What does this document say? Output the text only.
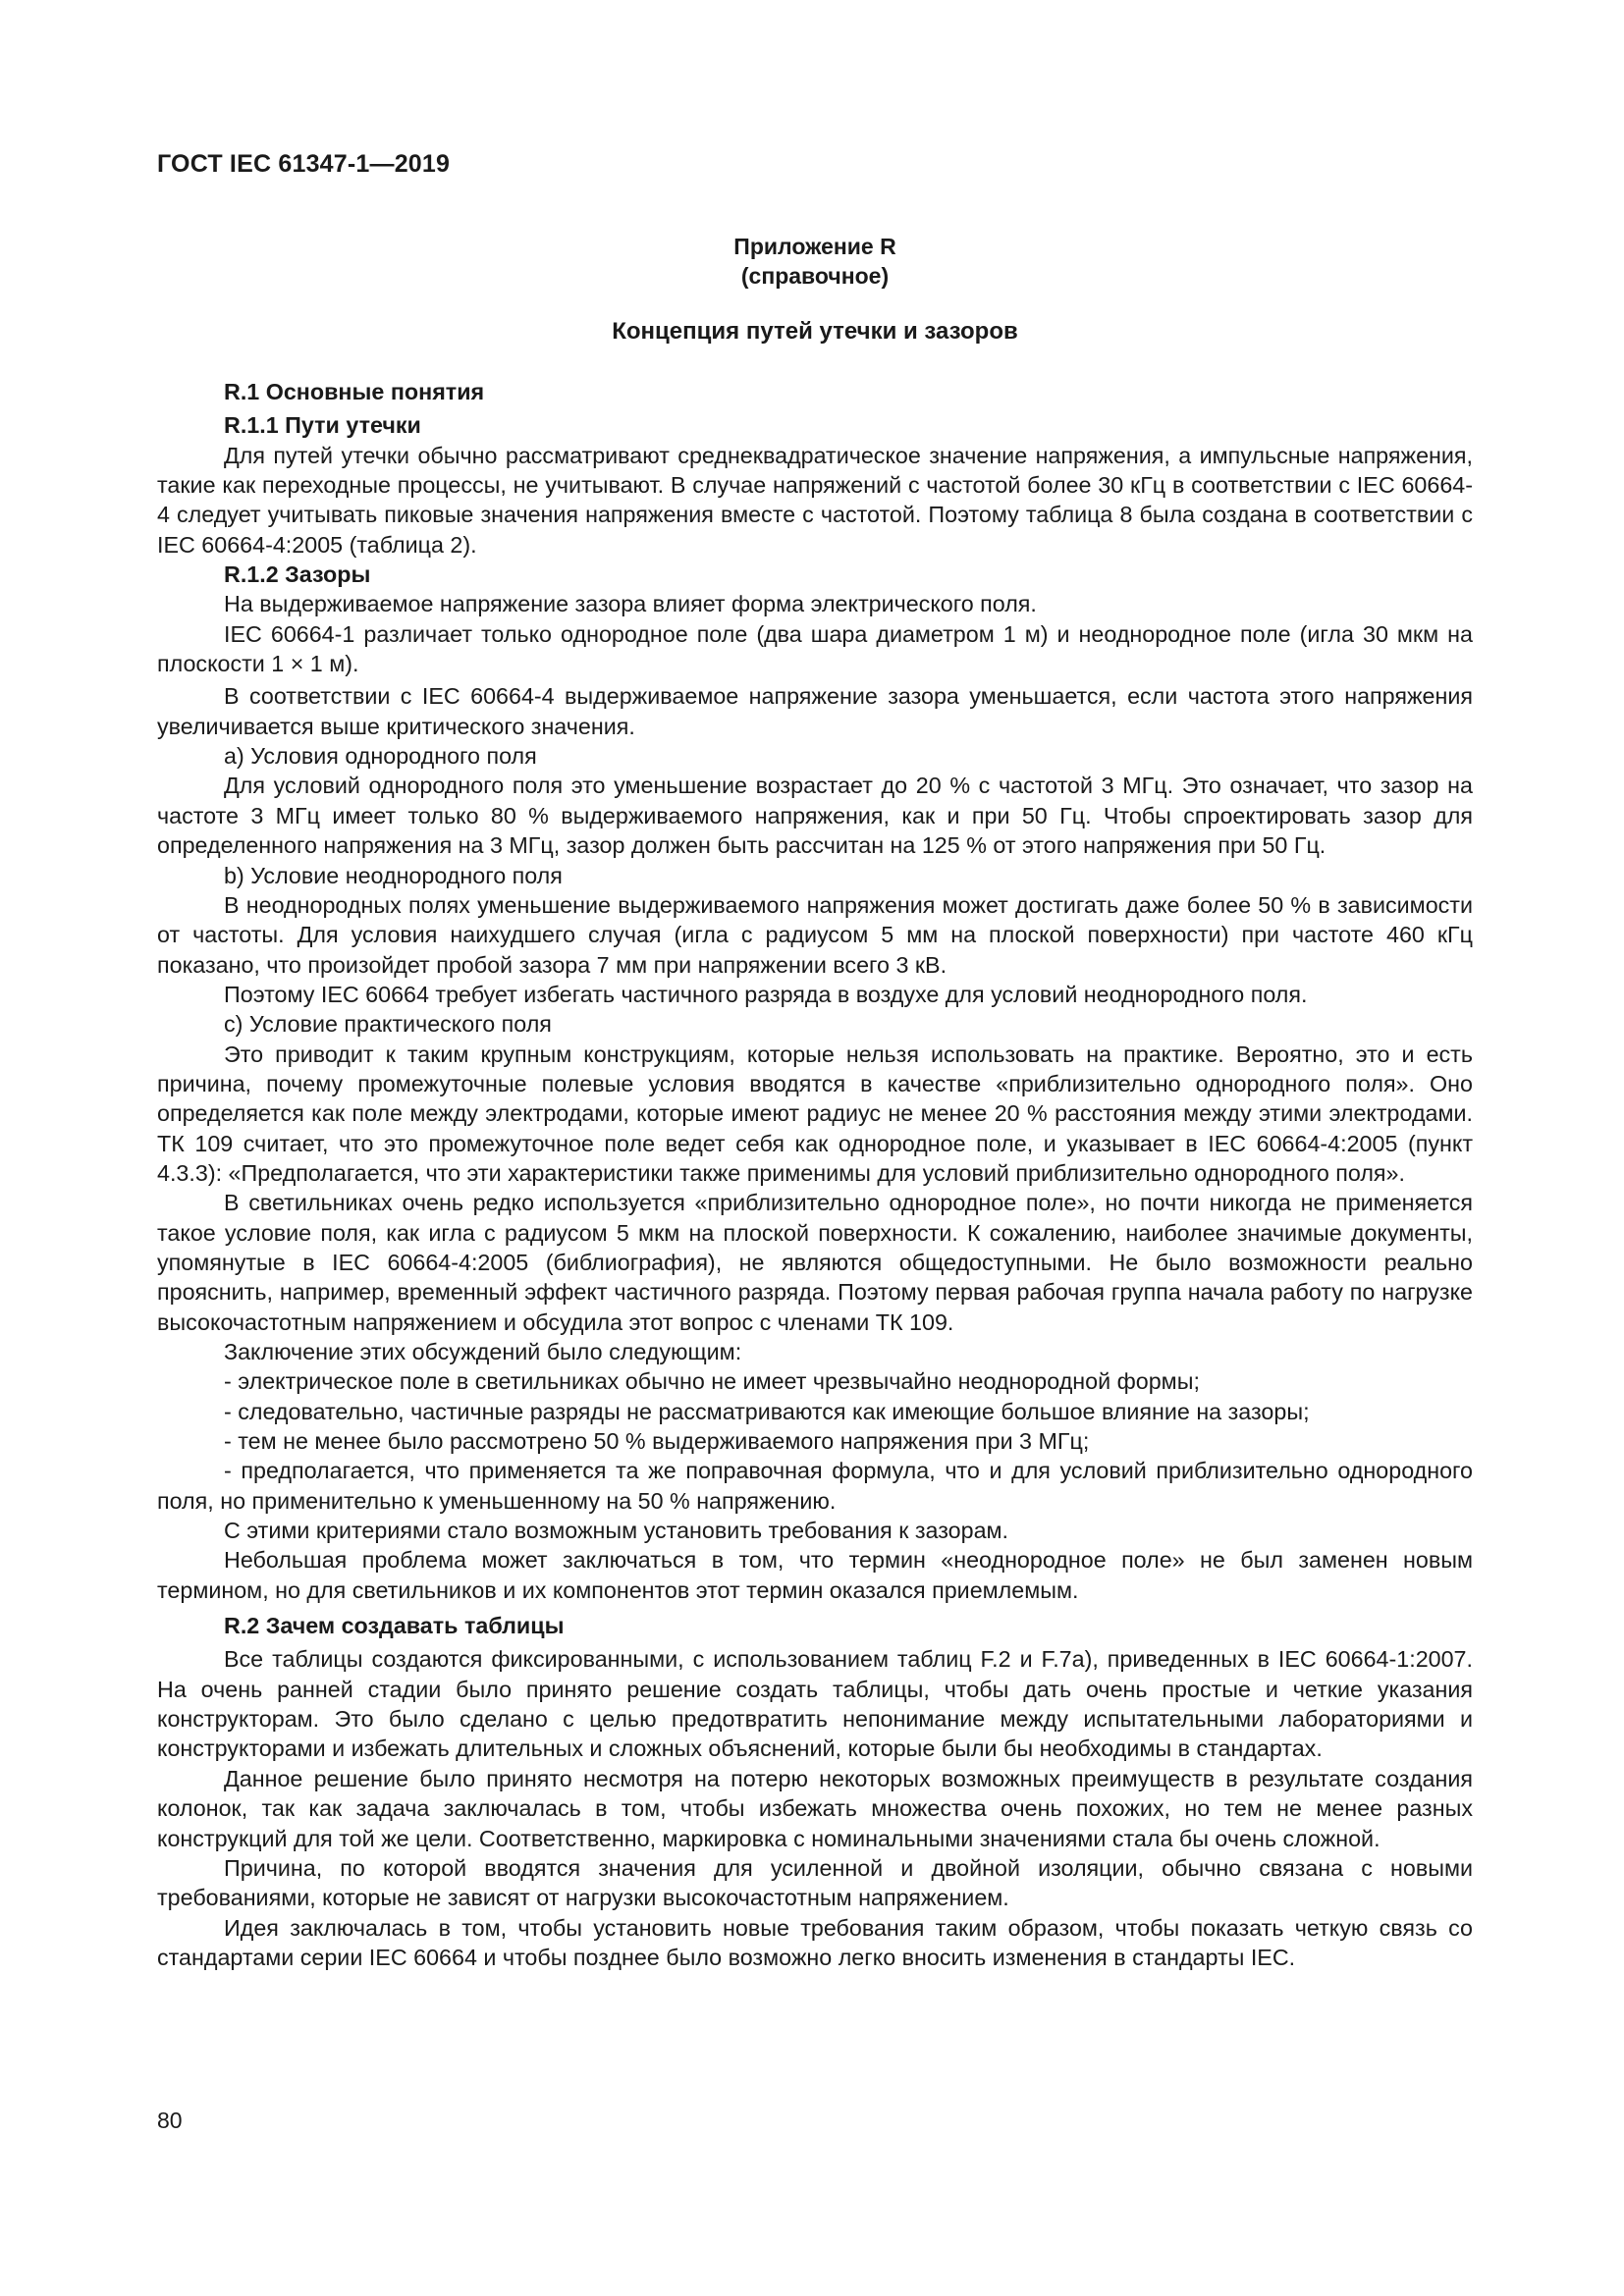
ГОСТ IEC 61347-1—2019
Приложение R
(справочное)
Концепция путей утечки и зазоров

R.1 Основные понятия

R.1.1 Пути утечки

Для путей утечки обычно рассматривают среднеквадратическое значение напряжения, а импульсные напряжения, такие как переходные процессы, не учитывают. В случае напряжений с частотой более 30 кГц в соответствии с IEC 60664-4 следует учитывать пиковые значения напряжения вместе с частотой. Поэтому таблица 8 была создана в соответствии с IEC 60664-4:2005 (таблица 2).

R.1.2 Зазоры

На выдерживаемое напряжение зазора влияет форма электрического поля.

IEC 60664-1 различает только однородное поле (два шара диаметром 1 м) и неоднородное поле (игла 30 мкм на плоскости 1 × 1 м).

В соответствии с IEC 60664-4 выдерживаемое напряжение зазора уменьшается, если частота этого напряжения увеличивается выше критического значения.

a) Условия однородного поля

Для условий однородного поля это уменьшение возрастает до 20 % с частотой 3 МГц. Это означает, что зазор на частоте 3 МГц имеет только 80 % выдерживаемого напряжения, как и при 50 Гц. Чтобы спроектировать зазор для определенного напряжения на 3 МГц, зазор должен быть рассчитан на 125 % от этого напряжения при 50 Гц.

b) Условие неоднородного поля

В неоднородных полях уменьшение выдерживаемого напряжения может достигать даже более 50 % в зависимости от частоты. Для условия наихудшего случая (игла с радиусом 5 мм на плоской поверхности) при частоте 460 кГц показано, что произойдет пробой зазора 7 мм при напряжении всего 3 кВ.

Поэтому IEC 60664 требует избегать частичного разряда в воздухе для условий неоднородного поля.

c) Условие практического поля

Это приводит к таким крупным конструкциям, которые нельзя использовать на практике. Вероятно, это и есть причина, почему промежуточные полевые условия вводятся в качестве «приблизительно однородного поля». Оно определяется как поле между электродами, которые имеют радиус не менее 20 % расстояния между этими электродами. ТК 109 считает, что это промежуточное поле ведет себя как однородное поле, и указывает в IEC 60664-4:2005 (пункт 4.3.3): «Предполагается, что эти характеристики также применимы для условий приблизительно однородного поля».

В светильниках очень редко используется «приблизительно однородное поле», но почти никогда не применяется такое условие поля, как игла с радиусом 5 мкм на плоской поверхности. К сожалению, наиболее значимые документы, упомянутые в IEC 60664-4:2005 (библиография), не являются общедоступными. Не было возможности реально прояснить, например, временный эффект частичного разряда. Поэтому первая рабочая группа начала работу по нагрузке высокочастотным напряжением и обсудила этот вопрос с членами ТК 109.

Заключение этих обсуждений было следующим:

- электрическое поле в светильниках обычно не имеет чрезвычайно неоднородной формы;

- следовательно, частичные разряды не рассматриваются как имеющие большое влияние на зазоры;

- тем не менее было рассмотрено 50 % выдерживаемого напряжения при 3 МГц;

- предполагается, что применяется та же поправочная формула, что и для условий приблизительно однородного поля, но применительно к уменьшенному на 50 % напряжению.

С этими критериями стало возможным установить требования к зазорам.

Небольшая проблема может заключаться в том, что термин «неоднородное поле» не был заменен новым термином, но для светильников и их компонентов этот термин оказался приемлемым.

R.2 Зачем создавать таблицы

Все таблицы создаются фиксированными, с использованием таблиц F.2 и F.7а), приведенных в IEC 60664-1:2007. На очень ранней стадии было принято решение создать таблицы, чтобы дать очень простые и четкие указания конструкторам. Это было сделано с целью предотвратить непонимание между испытательными лабораториями и конструкторами и избежать длительных и сложных объяснений, которые были бы необходимы в стандартах.

Данное решение было принято несмотря на потерю некоторых возможных преимуществ в результате создания колонок, так как задача заключалась в том, чтобы избежать множества очень похожих, но тем не менее разных конструкций для той же цели. Соответственно, маркировка с номинальными значениями стала бы очень сложной.

Причина, по которой вводятся значения для усиленной и двойной изоляции, обычно связана с новыми требованиями, которые не зависят от нагрузки высокочастотным напряжением.

Идея заключалась в том, чтобы установить новые требования таким образом, чтобы показать четкую связь со стандартами серии IEC 60664 и чтобы позднее было возможно легко вносить изменения в стандарты IEC.

80
